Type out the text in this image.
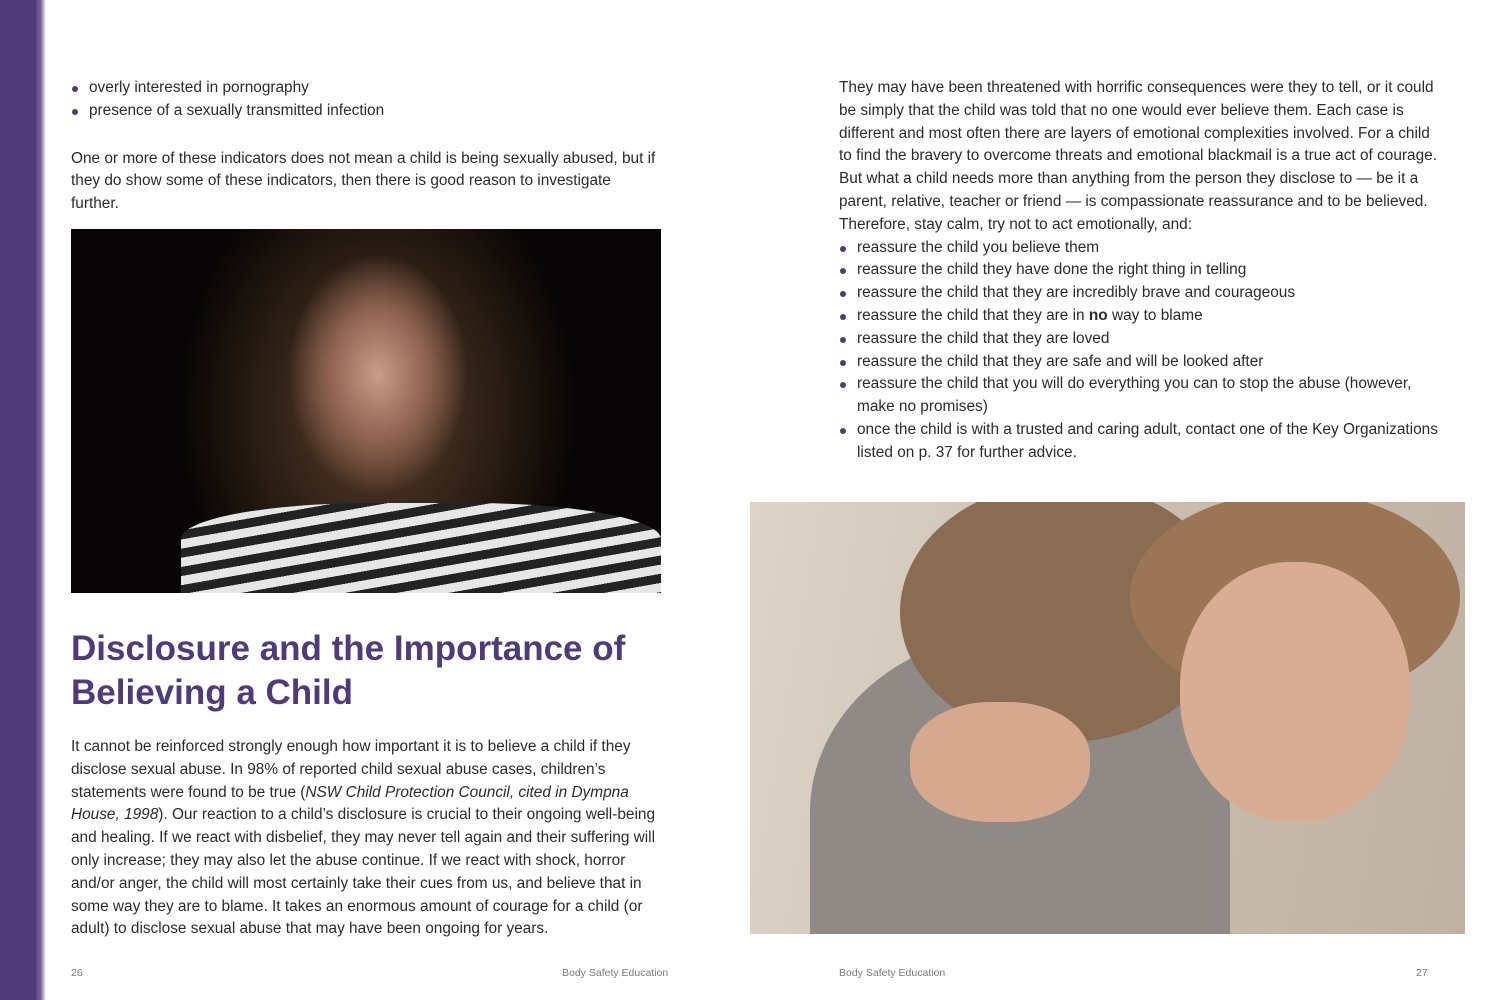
overly interested in pornography
presence of a sexually transmitted infection

One or more of these indicators does not mean a child is being sexually abused, but if they do show some of these indicators, then there is good reason to investigate further.

Disclosure and the Importance of Believing a Child

It cannot be reinforced strongly enough how important it is to believe a child if they disclose sexual abuse. In 98% of reported child sexual abuse cases, children’s statements were found to be true (NSW Child Protection Council, cited in Dympna House, 1998). Our reaction to a child’s disclosure is crucial to their ongoing well-being and healing. If we react with disbelief, they may never tell again and their suffering will only increase; they may also let the abuse continue. If we react with shock, horror and/or anger, the child will most certainly take their cues from us, and believe that in some way they are to blame. It takes an enormous amount of courage for a child (or adult) to disclose sexual abuse that may have been ongoing for years.

26	Body Safety Education

They may have been threatened with horrific consequences were they to tell, or it could be simply that the child was told that no one would ever believe them. Each case is different and most often there are layers of emotional complexities involved. For a child to find the bravery to overcome threats and emotional blackmail is a true act of courage. But what a child needs more than anything from the person they disclose to — be it a parent, relative, teacher or friend — is compassionate reassurance and to be believed. Therefore, stay calm, try not to act emotionally, and:

reassure the child you believe them
reassure the child they have done the right thing in telling
reassure the child that they are incredibly brave and courageous
reassure the child that they are in no way to blame
reassure the child that they are loved
reassure the child that they are safe and will be looked after
reassure the child that you will do everything you can to stop the abuse (however, make no promises)
once the child is with a trusted and caring adult, contact one of the Key Organizations listed on p. 37 for further advice.
Body Safety Education	27
